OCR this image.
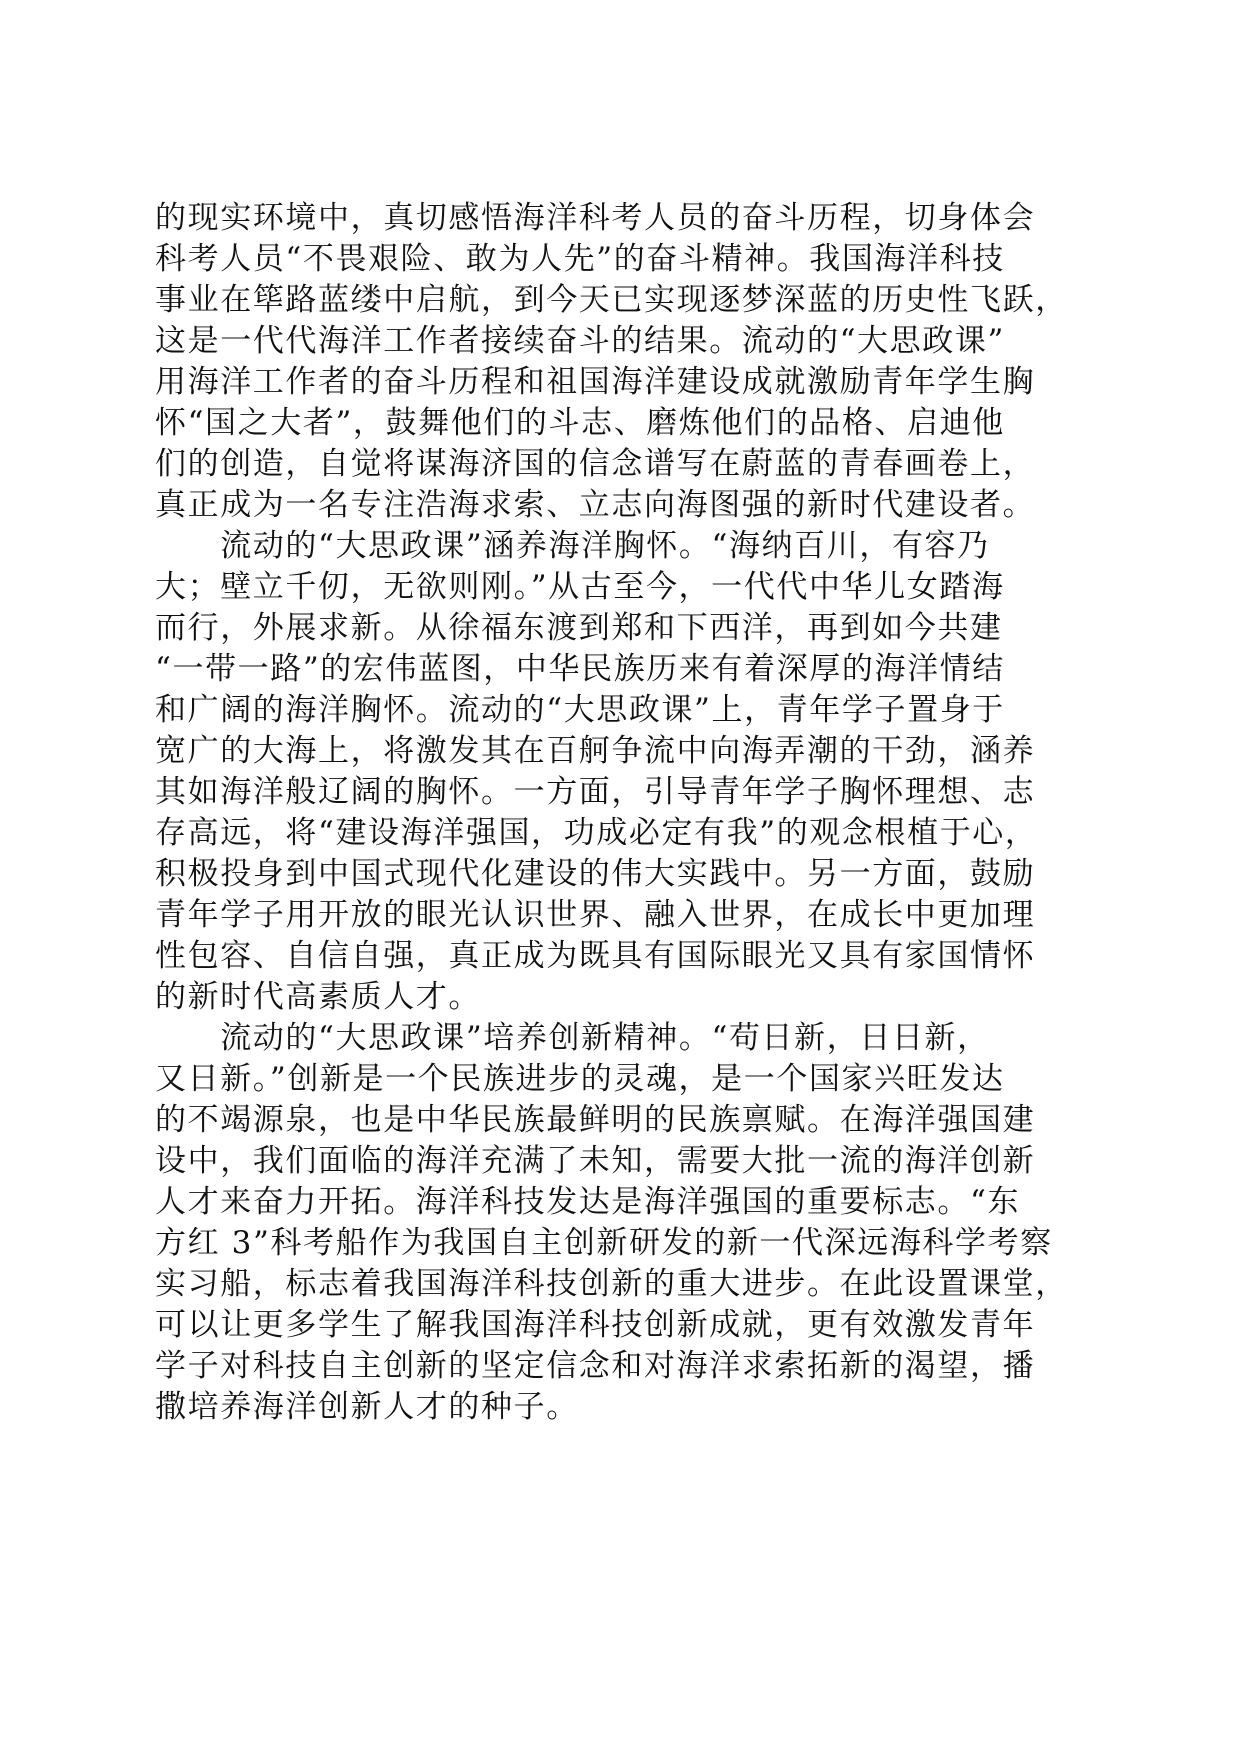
的现实环境中，真切感悟海洋科考人员的奋斗历程，切身体会
科考人员“不畏艰险、敢为人先”的奋斗精神。我国海洋科技
事业在筚路蓝缕中启航，到今天已实现逐梦深蓝的历史性飞跃，
这是一代代海洋工作者接续奋斗的结果。流动的“大思政课”
用海洋工作者的奋斗历程和祖国海洋建设成就激励青年学生胸
怀“国之大者”，鼓舞他们的斗志、磨炼他们的品格、启迪他
们的创造，自觉将谋海济国的信念谱写在蔚蓝的青春画卷上，
真正成为一名专注浩海求索、立志向海图强的新时代建设者。
　　流动的“大思政课”涵养海洋胸怀。“海纳百川，有容乃
大；壁立千仞，无欲则刚。”从古至今，一代代中华儿女踏海
而行，外展求新。从徐福东渡到郑和下西洋，再到如今共建
“一带一路”的宏伟蓝图，中华民族历来有着深厚的海洋情结
和广阔的海洋胸怀。流动的“大思政课”上，青年学子置身于
宽广的大海上，将激发其在百舸争流中向海弄潮的干劲，涵养
其如海洋般辽阔的胸怀。一方面，引导青年学子胸怀理想、志
存高远，将“建设海洋强国，功成必定有我”的观念根植于心，
积极投身到中国式现代化建设的伟大实践中。另一方面，鼓励
青年学子用开放的眼光认识世界、融入世界，在成长中更加理
性包容、自信自强，真正成为既具有国际眼光又具有家国情怀
的新时代高素质人才。
　　流动的“大思政课”培养创新精神。“苟日新，日日新，
又日新。”创新是一个民族进步的灵魂，是一个国家兴旺发达
的不竭源泉，也是中华民族最鲜明的民族禀赋。在海洋强国建
设中，我们面临的海洋充满了未知，需要大批一流的海洋创新
人才来奋力开拓。海洋科技发达是海洋强国的重要标志。“东
方红 3”科考船作为我国自主创新研发的新一代深远海科学考察
实习船，标志着我国海洋科技创新的重大进步。在此设置课堂，
可以让更多学生了解我国海洋科技创新成就，更有效激发青年
学子对科技自主创新的坚定信念和对海洋求索拓新的渴望，播
撒培养海洋创新人才的种子。
